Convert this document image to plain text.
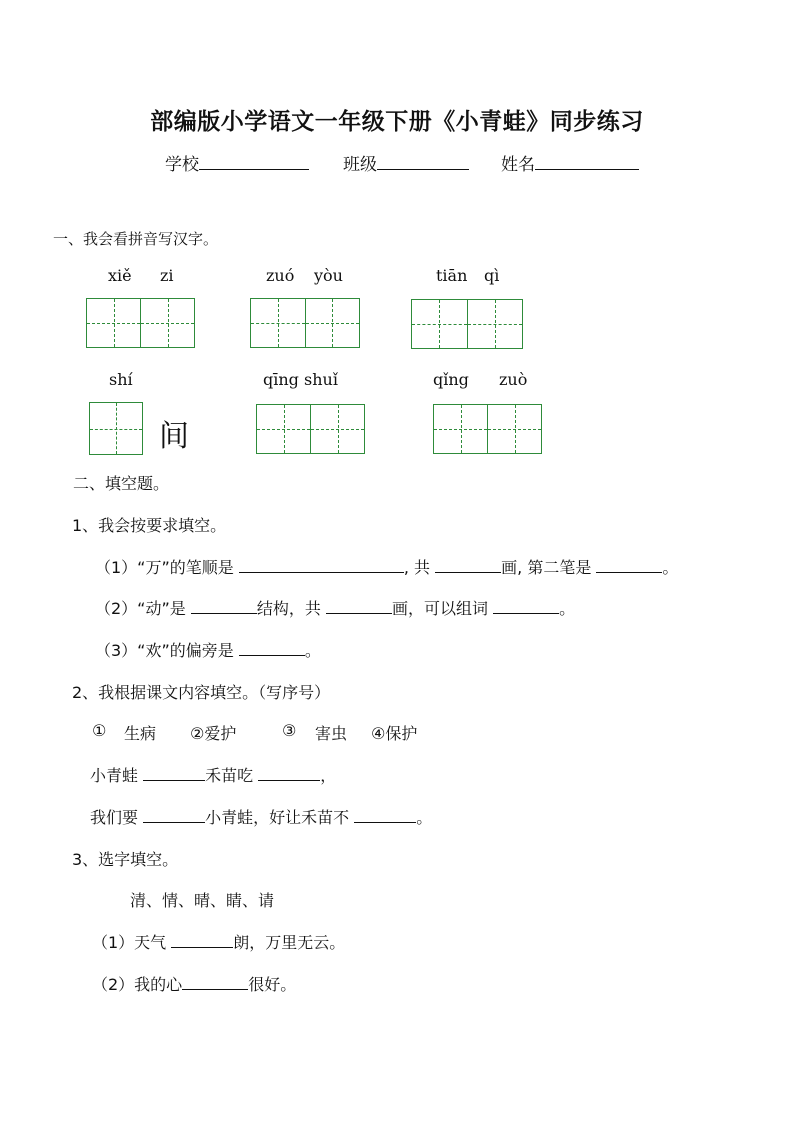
部编版小学语文一年级下册《小青蛙》同步练习
学校	班级	姓名
一、我会看拼音写汉字。
xiě zi	zuó yòu	tiān qì
shí	qīng shuǐ	qǐng zuò
间
二、填空题。
1、我会按要求填空。
（1）“万”的笔顺是	, 共	画, 第二笔是	。
（2）“动”是	结构，共	画，可以组词	。
（3）“欢”的偏旁是	。
2、我根据课文内容填空。（写序号）
① 生病 ②爱护	③ 害虫 ④保护
小青蛙	禾苗吃	，
我们要	小青蛙，好让禾苗不	。
3、选字填空。
清、情、晴、睛、请
（1）天气	朗，万里无云。
（2）我的心	很好。
